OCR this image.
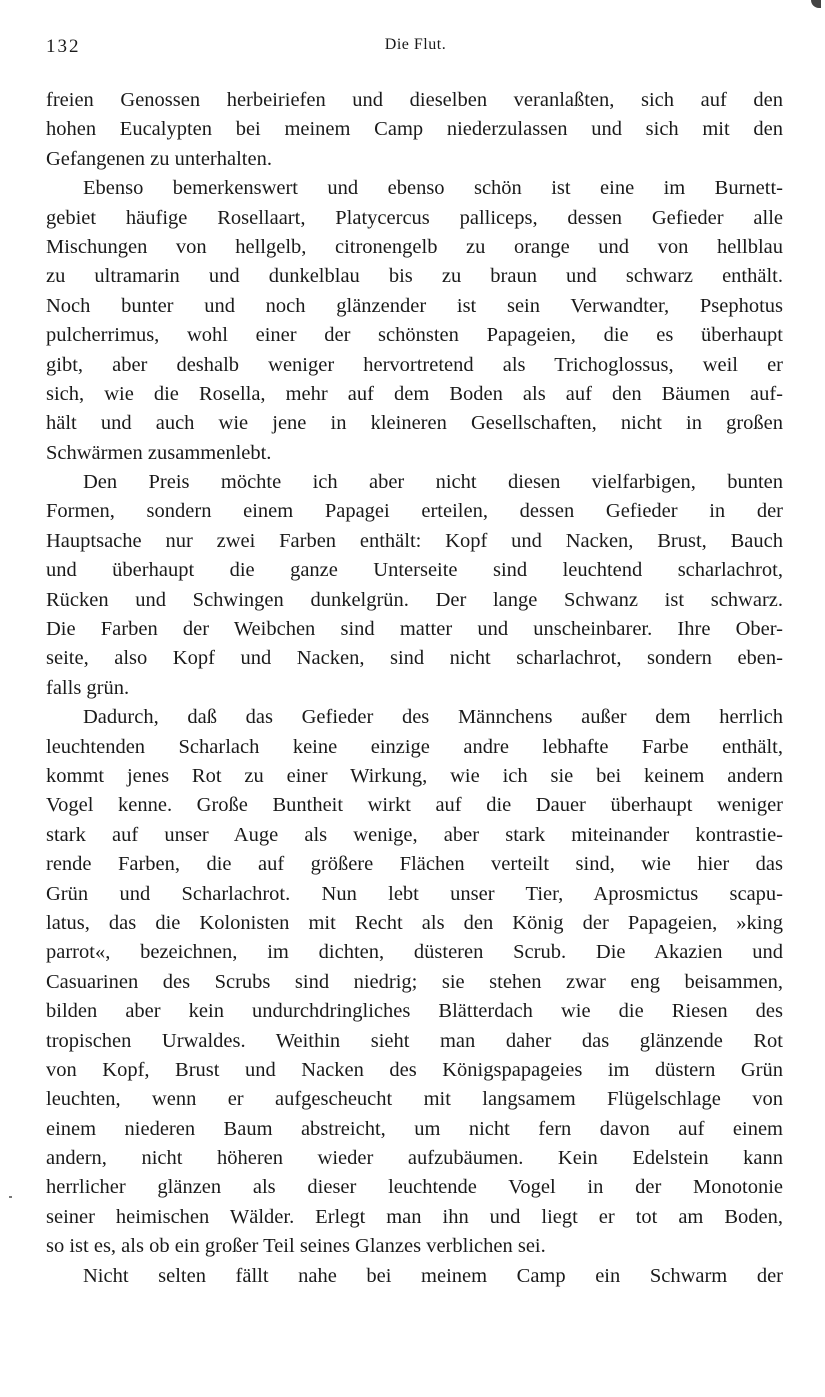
132	Die Flut.
freien Genossen herbeiriefen und dieselben veranlaßten, sich auf den
hohen Eucalypten bei meinem Camp niederzulassen und sich mit den
Gefangenen zu unterhalten.
Ebenso bemerkenswert und ebenso schön ist eine im Burnett-
gebiet häufige Rosellaart, Platycercus palliceps, dessen Gefieder alle
Mischungen von hellgelb, citronengelb zu orange und von hellblau
zu ultramarin und dunkelblau bis zu braun und schwarz enthält.
Noch bunter und noch glänzender ist sein Verwandter, Psephotus
pulcherrimus, wohl einer der schönsten Papageien, die es überhaupt
gibt, aber deshalb weniger hervortretend als Trichoglossus, weil er
sich, wie die Rosella, mehr auf dem Boden als auf den Bäumen auf-
hält und auch wie jene in kleineren Gesellschaften, nicht in großen
Schwärmen zusammenlebt.
Den Preis möchte ich aber nicht diesen vielfarbigen, bunten
Formen, sondern einem Papagei erteilen, dessen Gefieder in der
Hauptsache nur zwei Farben enthält: Kopf und Nacken, Brust, Bauch
und überhaupt die ganze Unterseite sind leuchtend scharlachrot,
Rücken und Schwingen dunkelgrün. Der lange Schwanz ist schwarz.
Die Farben der Weibchen sind matter und unscheinbarer. Ihre Ober-
seite, also Kopf und Nacken, sind nicht scharlachrot, sondern eben-
falls grün.
Dadurch, daß das Gefieder des Männchens außer dem herrlich
leuchtenden Scharlach keine einzige andre lebhafte Farbe enthält,
kommt jenes Rot zu einer Wirkung, wie ich sie bei keinem andern
Vogel kenne. Große Buntheit wirkt auf die Dauer überhaupt weniger
stark auf unser Auge als wenige, aber stark miteinander kontrastie-
rende Farben, die auf größere Flächen verteilt sind, wie hier das
Grün und Scharlachrot. Nun lebt unser Tier, Aprosmictus scapu-
latus, das die Kolonisten mit Recht als den König der Papageien, »king
parrot«, bezeichnen, im dichten, düsteren Scrub. Die Akazien und
Casuarinen des Scrubs sind niedrig; sie stehen zwar eng beisammen,
bilden aber kein undurchdringliches Blätterdach wie die Riesen des
tropischen Urwaldes. Weithin sieht man daher das glänzende Rot
von Kopf, Brust und Nacken des Königspapageies im düstern Grün
leuchten, wenn er aufgescheucht mit langsamem Flügelschlage von
einem niederen Baum abstreicht, um nicht fern davon auf einem
andern, nicht höheren wieder aufzubäumen. Kein Edelstein kann
herrlicher glänzen als dieser leuchtende Vogel in der Monotonie
seiner heimischen Wälder. Erlegt man ihn und liegt er tot am Boden,
so ist es, als ob ein großer Teil seines Glanzes verblichen sei.
Nicht selten fällt nahe bei meinem Camp ein Schwarm der
